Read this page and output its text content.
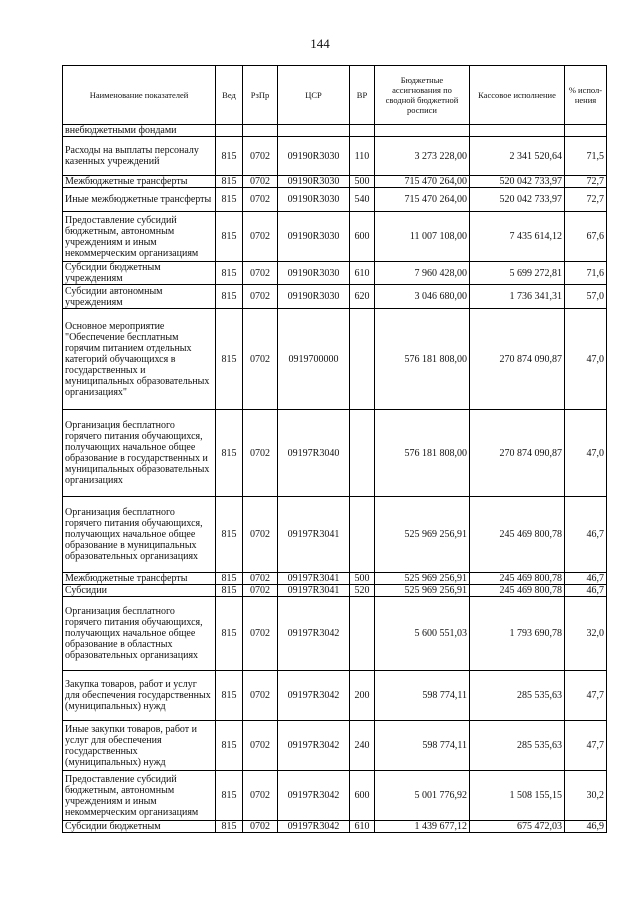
144
Наименование показателей	Вед	РзПр	ЦСР	ВР	Бюджетные ассигнования по сводной бюджетной росписи	Кассовое исполнение	% испол-нения
внебюджетными фондами							
Расходы на выплаты персоналу казенных учреждений	815	0702	09190R3030	110	3 273 228,00	2 341 520,64	71,5
Межбюджетные трансферты	815	0702	09190R3030	500	715 470 264,00	520 042 733,97	72,7
Иные межбюджетные трансферты	815	0702	09190R3030	540	715 470 264,00	520 042 733,97	72,7
Предоставление субсидий бюджетным, автономным учреждениям и иным некоммерческим организациям	815	0702	09190R3030	600	11 007 108,00	7 435 614,12	67,6
Субсидии бюджетным учреждениям	815	0702	09190R3030	610	7 960 428,00	5 699 272,81	71,6
Субсидии автономным учреждениям	815	0702	09190R3030	620	3 046 680,00	1 736 341,31	57,0
Основное мероприятие "Обеспечение бесплатным горячим питанием отдельных категорий обучающихся в государственных и муниципальных образовательных организациях"	815	0702	0919700000		576 181 808,00	270 874 090,87	47,0
Организация бесплатного горячего питания обучающихся, получающих начальное общее образование в государственных и муниципальных образовательных организациях	815	0702	09197R3040		576 181 808,00	270 874 090,87	47,0
Организация бесплатного горячего питания обучающихся, получающих начальное общее образование в муниципальных образовательных организациях	815	0702	09197R3041		525 969 256,91	245 469 800,78	46,7
Межбюджетные трансферты	815	0702	09197R3041	500	525 969 256,91	245 469 800,78	46,7
Субсидии	815	0702	09197R3041	520	525 969 256,91	245 469 800,78	46,7
Организация бесплатного горячего питания обучающихся, получающих начальное общее образование в областных образовательных организациях	815	0702	09197R3042		5 600 551,03	1 793 690,78	32,0
Закупка товаров, работ и услуг для обеспечения государственных (муниципальных) нужд	815	0702	09197R3042	200	598 774,11	285 535,63	47,7
Иные закупки товаров, работ и услуг для обеспечения государственных (муниципальных) нужд	815	0702	09197R3042	240	598 774,11	285 535,63	47,7
Предоставление субсидий бюджетным, автономным учреждениям и иным некоммерческим организациям	815	0702	09197R3042	600	5 001 776,92	1 508 155,15	30,2
Субсидии бюджетным	815	0702	09197R3042	610	1 439 677,12	675 472,03	46,9
